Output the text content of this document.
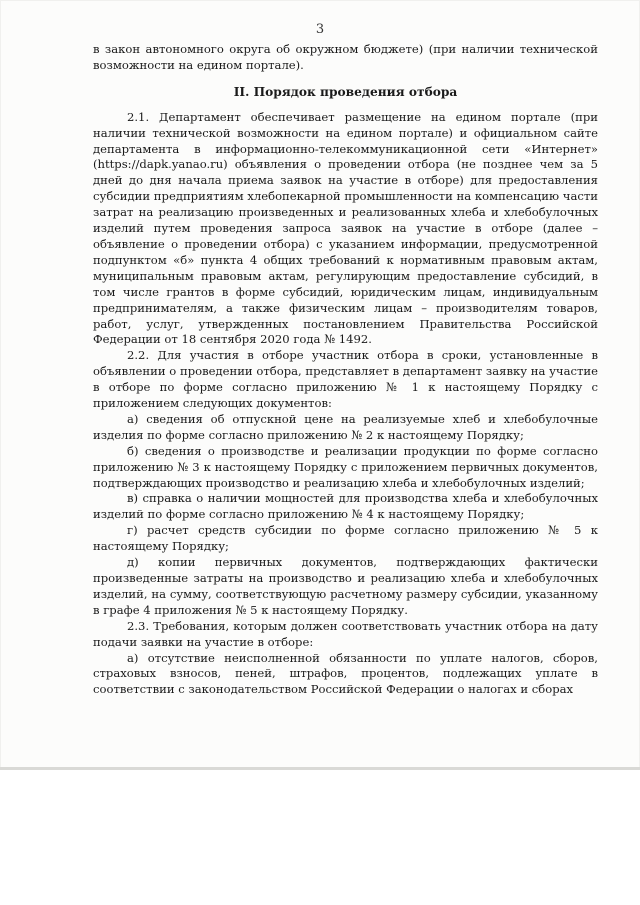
3

в закон автономного округа об окружном бюджете) (при наличии технической возможности на едином портале).

II. Порядок проведения отбора

2.1. Департамент обеспечивает размещение на едином портале (при наличии технической возможности на едином портале) и официальном сайте департамента в информационно-телекоммуникационной сети «Интернет» (https://dapk.yanao.ru) объявления о проведении отбора (не позднее чем за 5 дней до дня начала приема заявок на участие в отборе) для предоставления субсидии предприятиям хлебопекарной промышленности на компенсацию части затрат на реализацию произведенных и реализованных хлеба и хлебобулочных изделий путем проведения запроса заявок на участие в отборе (далее – объявление о проведении отбора) с указанием информации, предусмотренной подпунктом «б» пункта 4 общих требований к нормативным правовым актам, муниципальным правовым актам, регулирующим предоставление субсидий, в том числе грантов в форме субсидий, юридическим лицам, индивидуальным предпринимателям, а также физическим лицам – производителям товаров, работ, услуг, утвержденных постановлением Правительства Российской Федерации от 18 сентября 2020 года № 1492.

2.2. Для участия в отборе участник отбора в сроки, установленные в объявлении о проведении отбора, представляет в департамент заявку на участие в отборе по форме согласно приложению № 1 к настоящему Порядку с приложением следующих документов:

а) сведения об отпускной цене на реализуемые хлеб и хлебобулочные изделия по форме согласно приложению № 2 к настоящему Порядку;

б) сведения о производстве и реализации продукции по форме согласно приложению № 3 к настоящему Порядку с приложением первичных документов, подтверждающих производство и реализацию хлеба и хлебобулочных изделий;

в) справка о наличии мощностей для производства хлеба и хлебобулочных изделий по форме согласно приложению № 4 к настоящему Порядку;

г) расчет средств субсидии по форме согласно приложению № 5 к настоящему Порядку;

д) копии первичных документов, подтверждающих фактически произведенные затраты на производство и реализацию хлеба и хлебобулочных изделий, на сумму, соответствующую расчетному размеру субсидии, указанному в графе 4 приложения № 5 к настоящему Порядку.

2.3. Требования, которым должен соответствовать участник отбора на дату подачи заявки на участие в отборе:

а) отсутствие неисполненной обязанности по уплате налогов, сборов, страховых взносов, пеней, штрафов, процентов, подлежащих уплате в соответствии с законодательством Российской Федерации о налогах и сборах
